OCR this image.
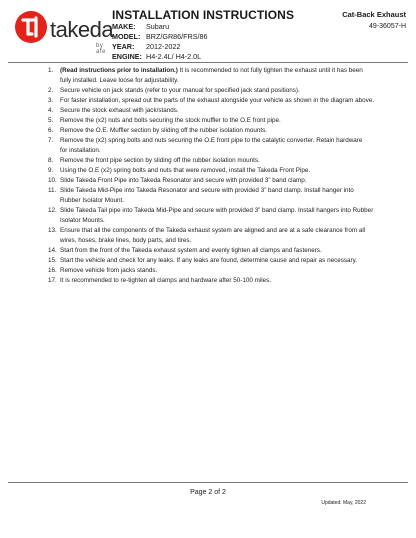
takeda
by afe
INSTALLATION INSTRUCTIONS
MAKE: Subaru
MODEL: BRZ/GR86/FRS/86
YEAR: 2012-2022
ENGINE: H4-2.4L/ H4-2.0L
Cat-Back Exhaust
49-36057-H
1. (Read instructions prior to installation.) It is recommended to not fully tighten the exhaust until it has been
fully installed. Leave loose for adjustability.
2. Secure vehicle on jack stands (refer to your manual for specified jack stand positions).
3. For faster installation, spread out the parts of the exhaust alongside your vehicle as shown in the diagram above.
4. Secure the stock exhaust with jack/stands.
5. Remove the (x2) nuts and bolts securing the stock muffler to the O.E front pipe.
6. Remove the O.E. Muffler section by sliding off the rubber isolation mounts.
7. Remove the (x2) spring bolts and nuts securing the O.E front pipe to the catalytic converter. Retain hardware
for installation.
8. Remove the front pipe section by sliding off the rubber isolation mounts.
9. Using the O.E (x2) spring bolts and nuts that were removed, install the Takeda Front Pipe.
10. Slide Takeda Front Pipe into Takeda Resonator and secure with provided 3” band clamp.
11. Slide Takeda Mid-Pipe into Takeda Resonator and secure with provided 3” band clamp. Install hanger into
Rubber Isolator Mount.
12. Slide Takeda Tail pipe into Takeda Mid-Pipe and secure with provided 3” band clamp. Install hangers into Rubber
Isolator Mounts.
13. Ensure that all the components of the Takeda exhaust system are aligned and are at a safe clearance from all
wires, hoses, brake lines, body parts, and tires.
14. Start from the front of the Takeda exhaust system and evenly tighten all clamps and fasteners.
15. Start the vehicle and check for any leaks. If any leaks are found, determine cause and repair as necessary.
16. Remove vehicle from jacks stands.
17. It is recommended to re-tighten all clamps and hardware after 50-100 miles.
Page 2 of 2
Updated: May, 2022
